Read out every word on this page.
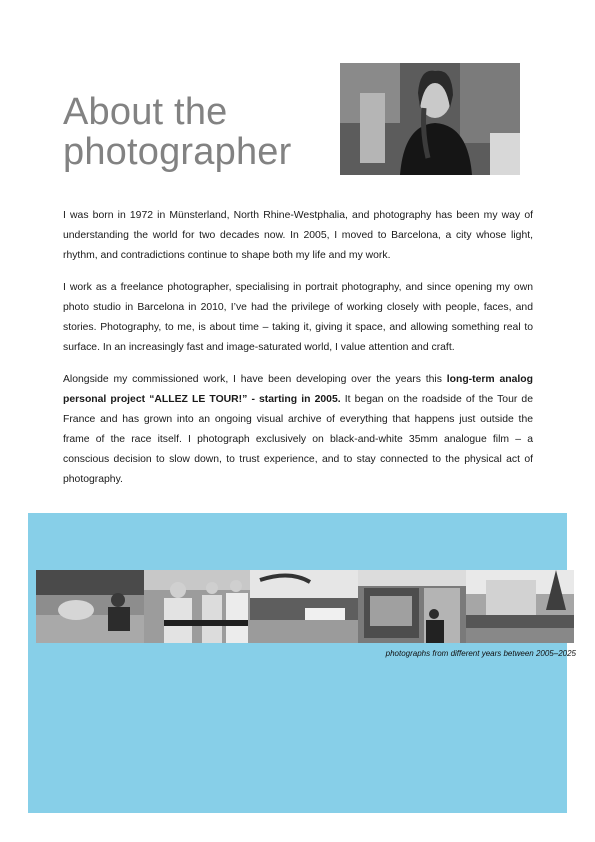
About the
photographer

I was born in 1972 in Münsterland, North Rhine-Westphalia, and photography has been my way of understanding the world for two decades now. In 2005, I moved to Barcelona, a city whose light, rhythm, and contradictions continue to shape both my life and my work.

I work as a freelance photographer, specialising in portrait photography, and since opening my own photo studio in Barcelona in 2010, I’ve had the privilege of working closely with people, faces, and stories. Photography, to me, is about time – taking it, giving it space, and allowing something real to surface. In an increasingly fast and image-saturated world, I value attention and craft.

Alongside my commissioned work, I have been developing over the years this long-term analog personal project “ALLEZ LE TOUR!” - starting in 2005. It began on the roadside of the Tour de France and has grown into an ongoing visual archive of everything that happens just outside the frame of the race itself. I photograph exclusively on black-and-white 35mm analogue film – a conscious decision to slow down, to trust experience, and to stay connected to the physical act of photography.

photographs from different years between 2005–2025
